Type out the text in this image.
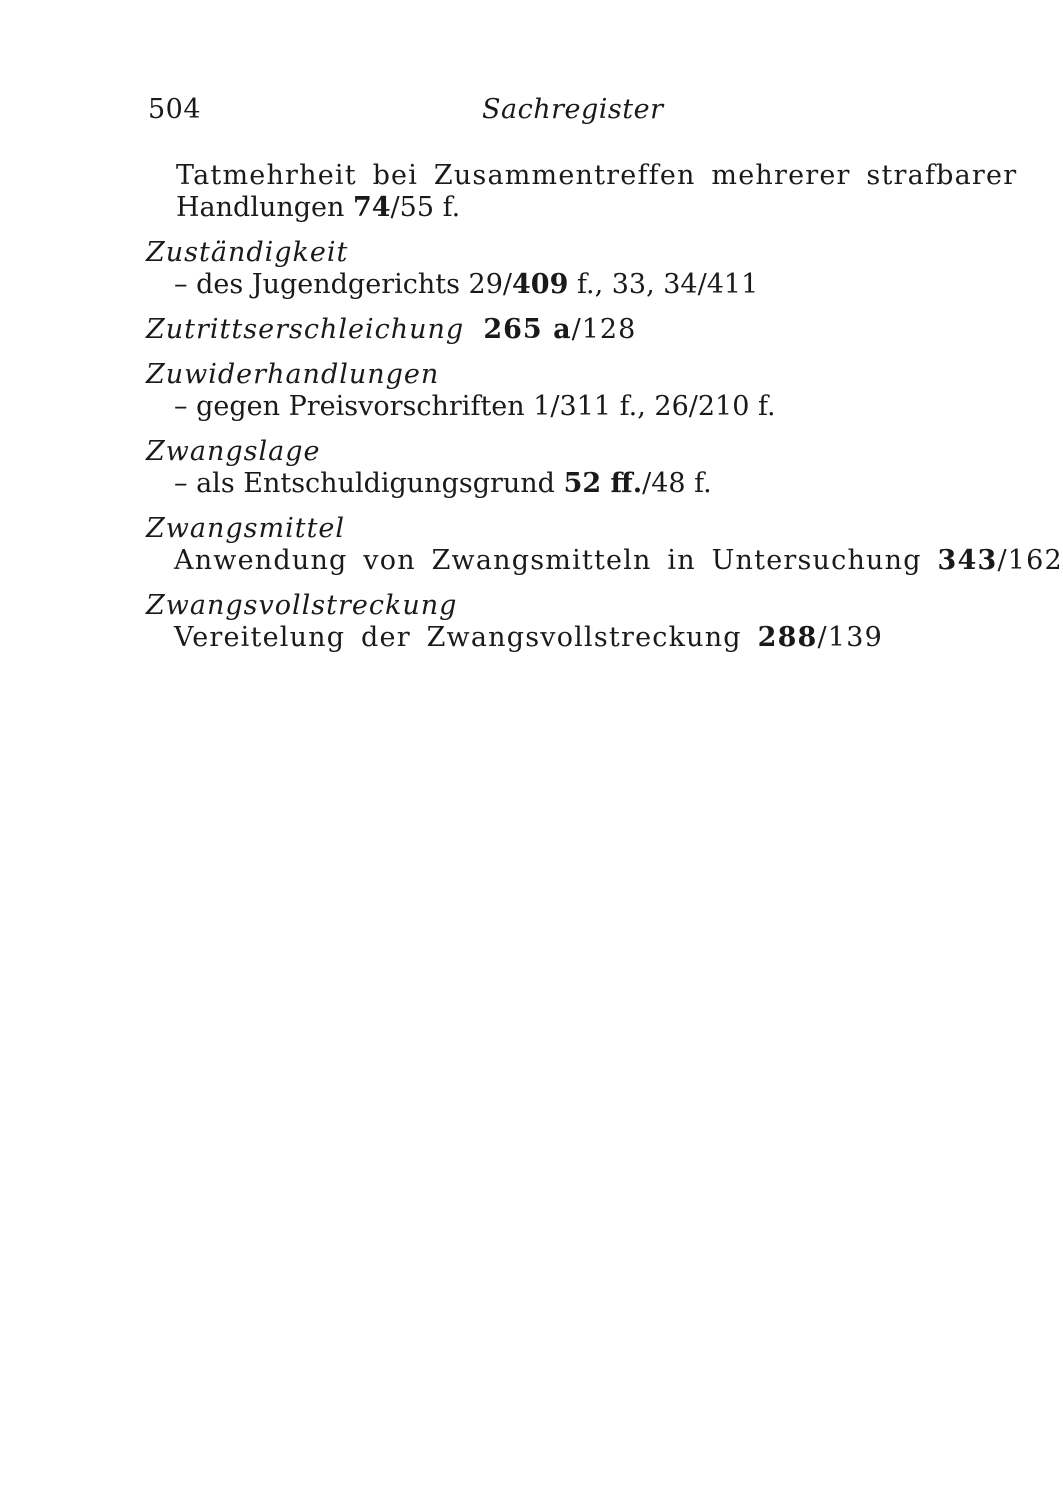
504	Sachregister
Tatmehrheit bei Zusammentreffen mehrerer strafbarer
Handlungen 74/55 f.
Zuständigkeit
– des Jugendgerichts 29/409 f., 33, 34/411
Zutrittserschleichung 265 a/128
Zuwiderhandlungen
– gegen Preisvorschriften 1/311 f., 26/210 f.
Zwangslage
– als Entschuldigungsgrund 52 ff./48 f.
Zwangsmittel
Anwendung von Zwangsmitteln in Untersuchung 343/162
Zwangsvollstreckung
Vereitelung der Zwangsvollstreckung 288/139
